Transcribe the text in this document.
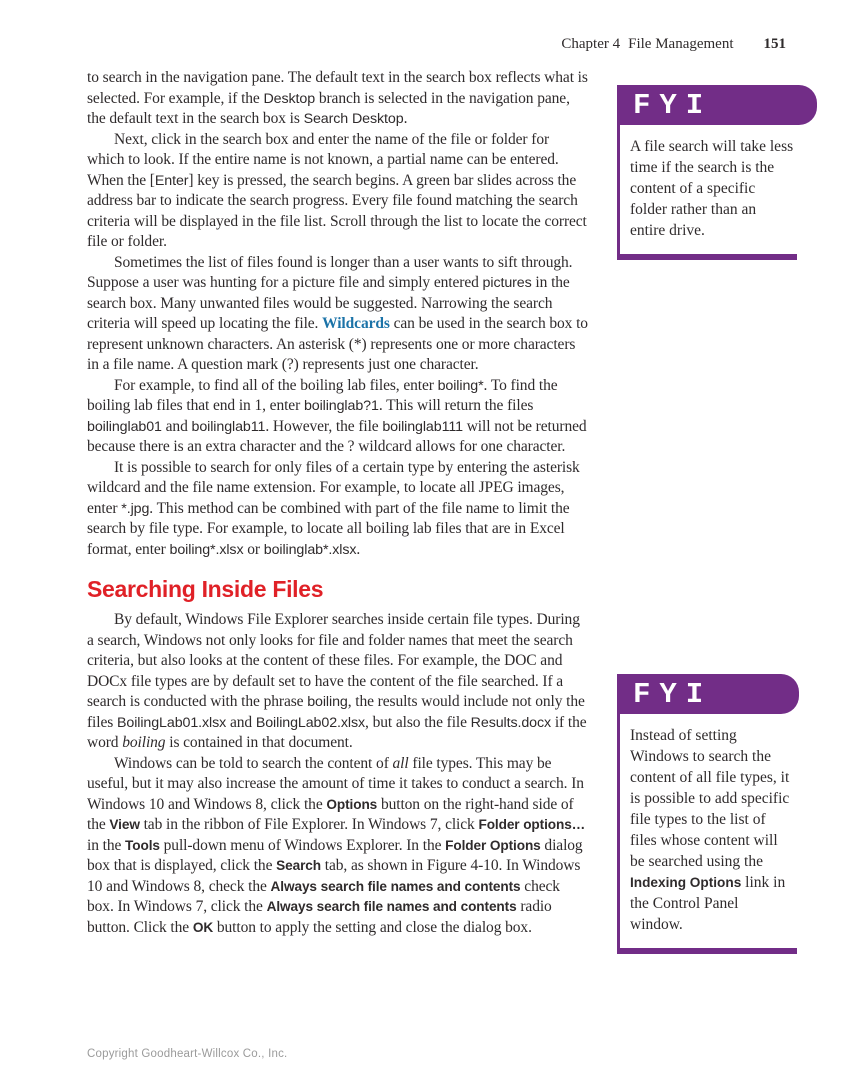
Chapter 4 File Management 151

to search in the navigation pane. The default text in the search box reflects what is selected. For example, if the Desktop branch is selected in the navigation pane, the default text in the search box is Search Desktop.

Next, click in the search box and enter the name of the file or folder for which to look. If the entire name is not known, a partial name can be entered. When the [Enter] key is pressed, the search begins. A green bar slides across the address bar to indicate the search progress. Every file found matching the search criteria will be displayed in the file list. Scroll through the list to locate the correct file or folder.

Sometimes the list of files found is longer than a user wants to sift through. Suppose a user was hunting for a picture file and simply entered pictures in the search box. Many unwanted files would be suggested. Narrowing the search criteria will speed up locating the file. Wildcards can be used in the search box to represent unknown characters. An asterisk (*) represents one or more characters in a file name. A question mark (?) represents just one character.

For example, to find all of the boiling lab files, enter boiling*. To find the boiling lab files that end in 1, enter boilinglab?1. This will return the files boilinglab01 and boilinglab11. However, the file boilinglab111 will not be returned because there is an extra character and the ? wildcard allows for one character.

It is possible to search for only files of a certain type by entering the asterisk wildcard and the file name extension. For example, to locate all JPEG images, enter *.jpg. This method can be combined with part of the file name to limit the search by file type. For example, to locate all boiling lab files that are in Excel format, enter boiling*.xlsx or boilinglab*.xlsx.

Searching Inside Files

By default, Windows File Explorer searches inside certain file types. During a search, Windows not only looks for file and folder names that meet the search criteria, but also looks at the content of these files. For example, the DOC and DOCx file types are by default set to have the content of the file searched. If a search is conducted with the phrase boiling, the results would include not only the files BoilingLab01.xlsx and BoilingLab02.xlsx, but also the file Results.docx if the word boiling is contained in that document.

Windows can be told to search the content of all file types. This may be useful, but it may also increase the amount of time it takes to conduct a search. In Windows 10 and Windows 8, click the Options button on the right-hand side of the View tab in the ribbon of File Explorer. In Windows 7, click Folder options… in the Tools pull-down menu of Windows Explorer. In the Folder Options dialog box that is displayed, click the Search tab, as shown in Figure 4-10. In Windows 10 and Windows 8, check the Always search file names and contents check box. In Windows 7, click the Always search file names and contents radio button. Click the OK button to apply the setting and close the dialog box.

FYI
A file search will take less time if the search is the content of a specific folder rather than an entire drive.
FYI
Instead of setting Windows to search the content of all file types, it is possible to add specific file types to the list of files whose content will be searched using the Indexing Options link in the Control Panel window.
Copyright Goodheart-Willcox Co., Inc.
